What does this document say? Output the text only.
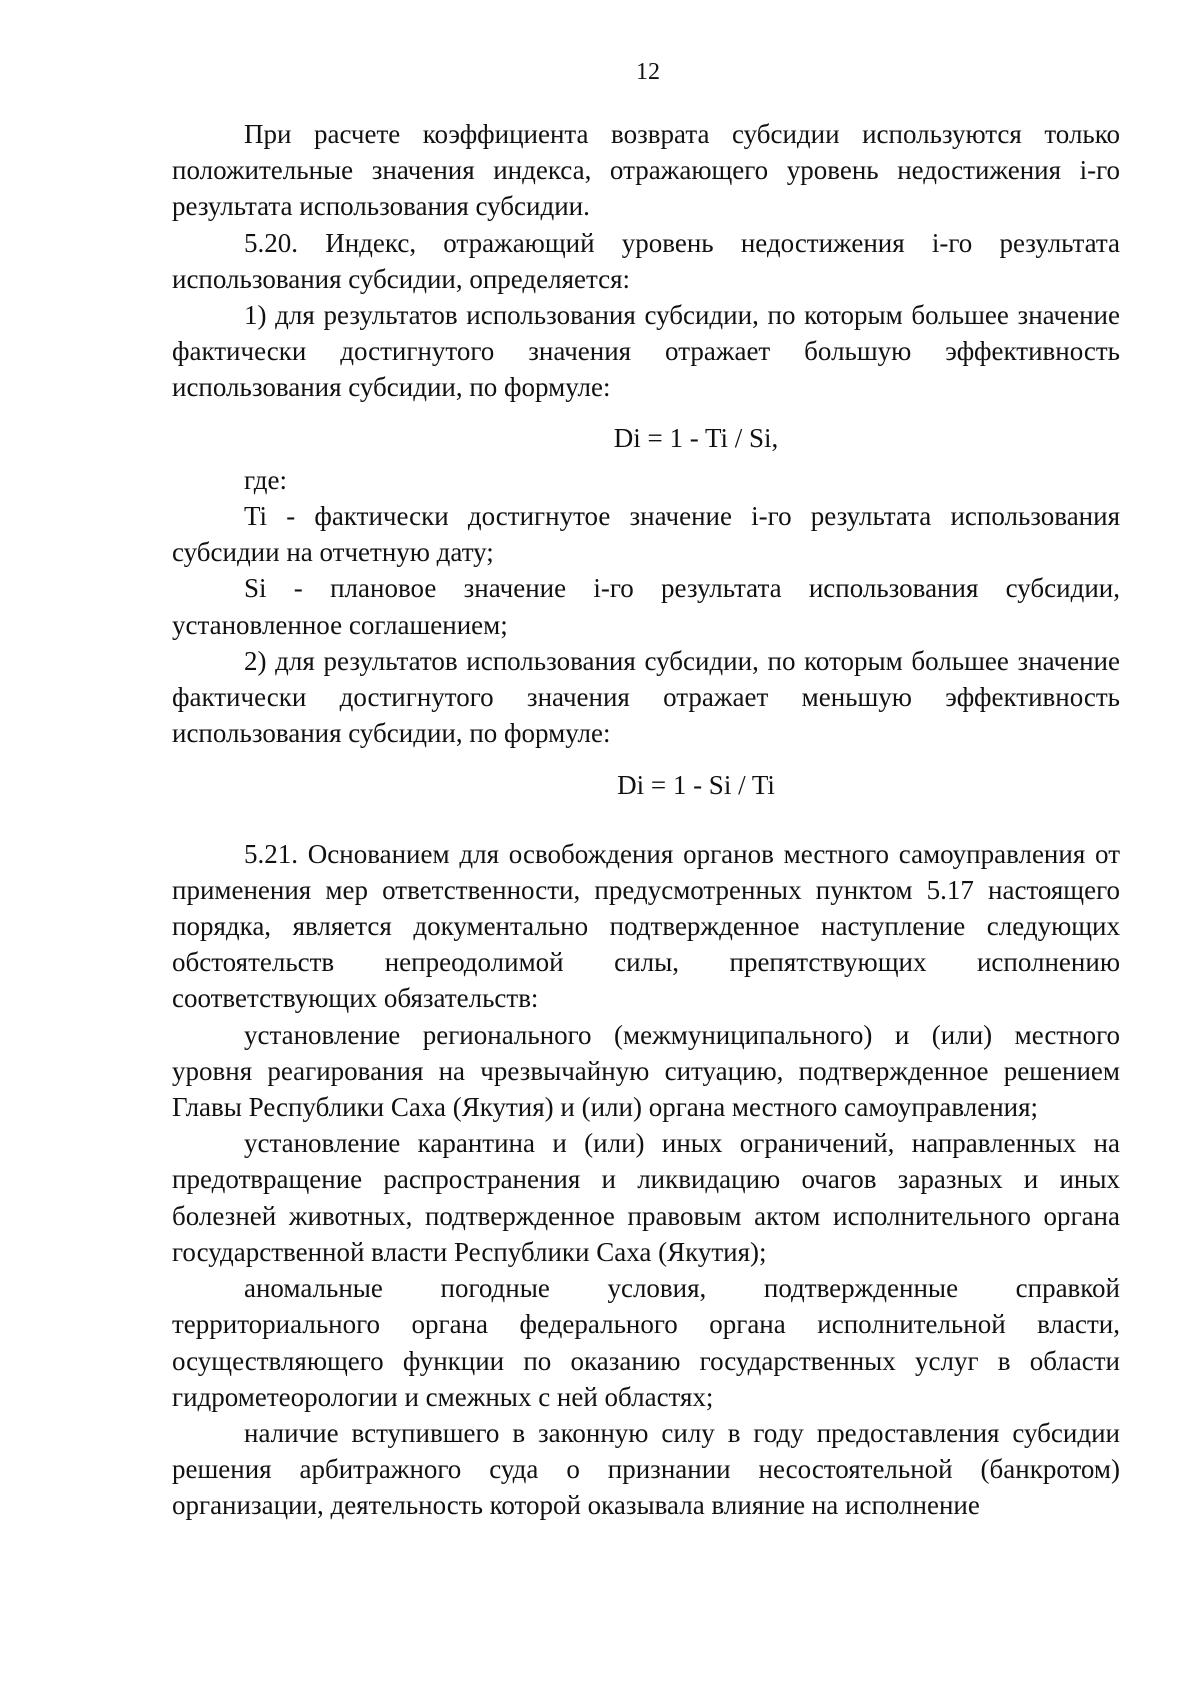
12

При расчете коэффициента возврата субсидии используются только положительные значения индекса, отражающего уровень недостижения i-го результата использования субсидии.

5.20. Индекс, отражающий уровень недостижения i-го результата использования субсидии, определяется:

1) для результатов использования субсидии, по которым большее значение фактически достигнутого значения отражает большую эффективность использования субсидии, по формуле:

Di = 1 - Ti / Si,

где:

Ti - фактически достигнутое значение i-го результата использования субсидии на отчетную дату;

Si - плановое значение i-го результата использования субсидии, установленное соглашением;

2) для результатов использования субсидии, по которым большее значение фактически достигнутого значения отражает меньшую эффективность использования субсидии, по формуле:

Di = 1 - Si / Ti

5.21. Основанием для освобождения органов местного самоуправления от применения мер ответственности, предусмотренных пунктом 5.17 настоящего порядка, является документально подтвержденное наступление следующих обстоятельств непреодолимой силы, препятствующих исполнению соответствующих обязательств:

установление регионального (межмуниципального) и (или) местного уровня реагирования на чрезвычайную ситуацию, подтвержденное решением Главы Республики Саха (Якутия) и (или) органа местного самоуправления;

установление карантина и (или) иных ограничений, направленных на предотвращение распространения и ликвидацию очагов заразных и иных болезней животных, подтвержденное правовым актом исполнительного органа государственной власти Республики Саха (Якутия);

аномальные погодные условия, подтвержденные справкой территориального органа федерального органа исполнительной власти, осуществляющего функции по оказанию государственных услуг в области гидрометеорологии и смежных с ней областях;

наличие вступившего в законную силу в году предоставления субсидии решения арбитражного суда о признании несостоятельной (банкротом) организации, деятельность которой оказывала влияние на исполнение
